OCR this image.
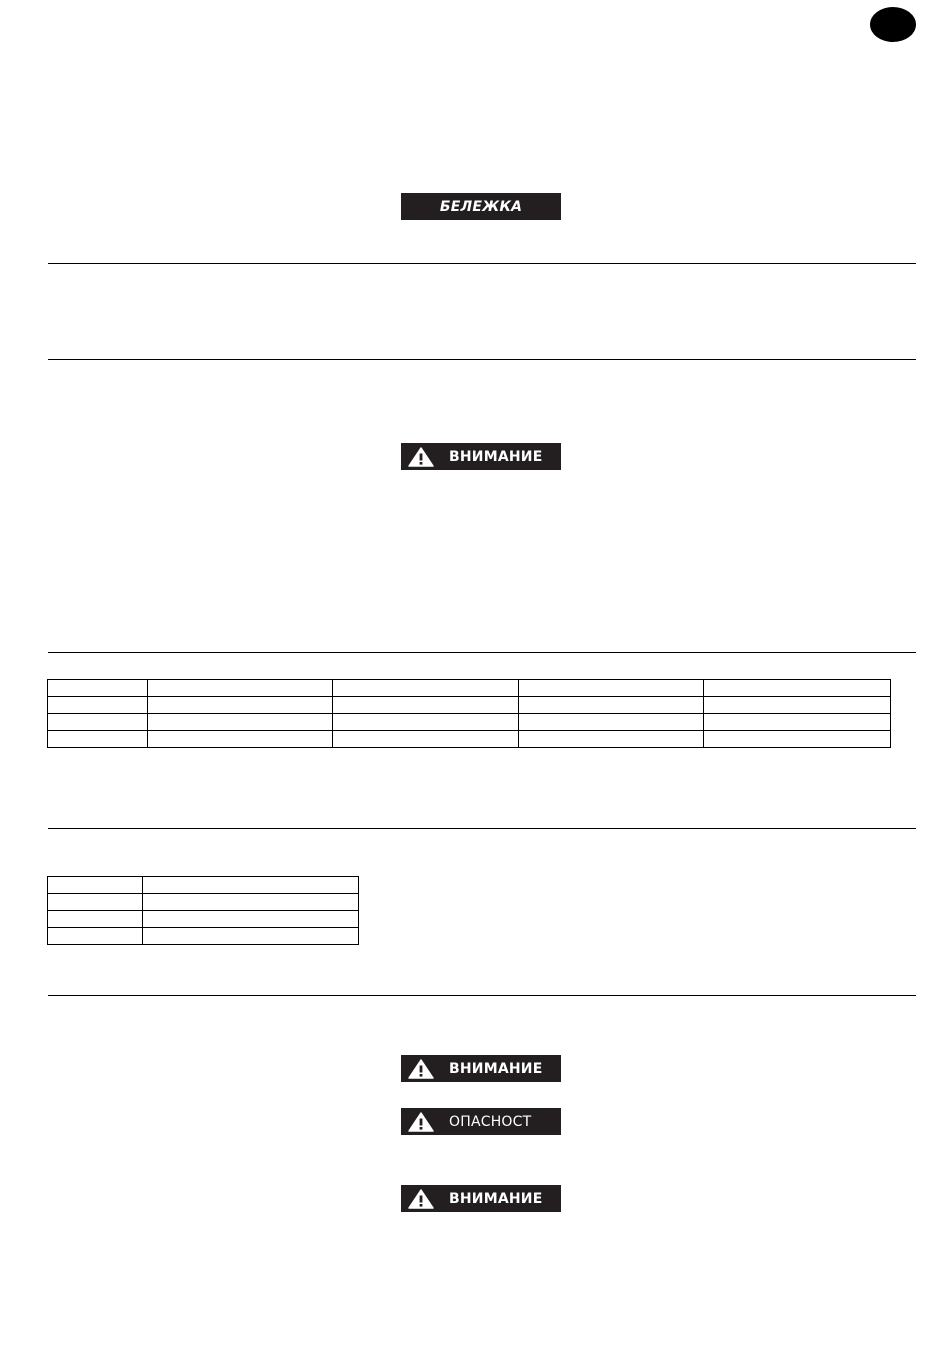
БЕЛЕЖКА
ВНИМАНИЕ

ВНИМАНИЕ
ОПАСНОСТ
ВНИМАНИЕ
